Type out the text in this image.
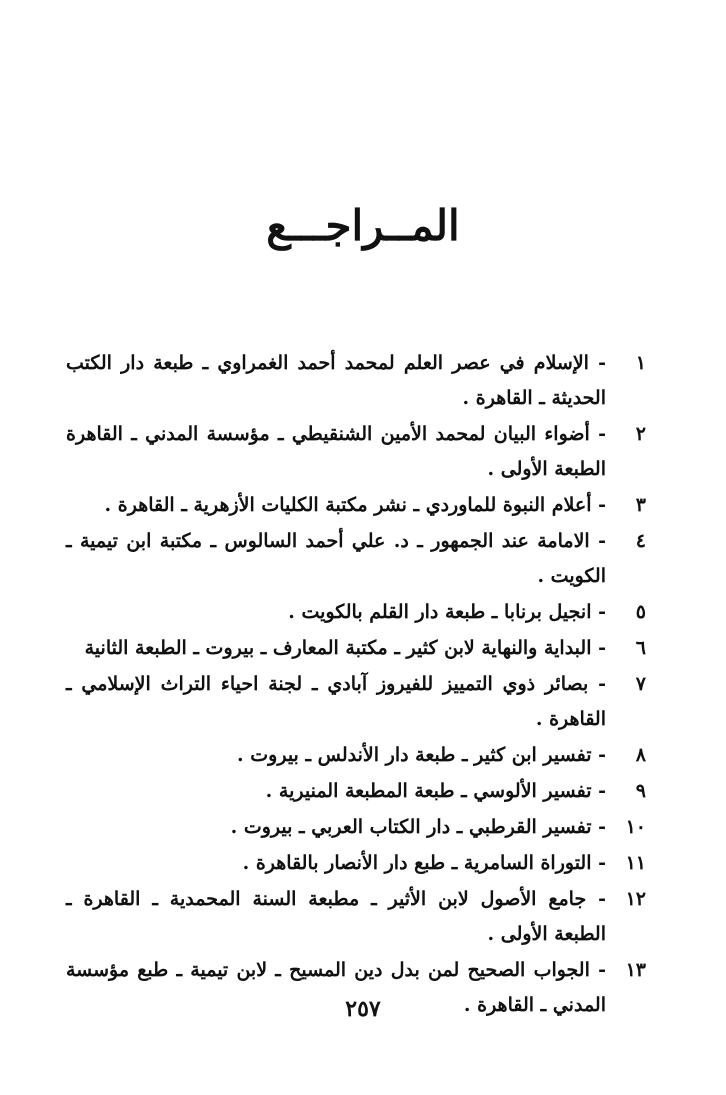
المــراجـــع
١
- الإسلام في عصر العلم لمحمد أحمد الغمراوي ـ طبعة دار الكتب الحديثة ـ القاهرة .
٢
- أضواء البيان لمحمد الأمين الشنقيطي ـ مؤسسة المدني ـ القاهرة الطبعة الأولى .
٣
- أعلام النبوة للماوردي ـ نشر مكتبة الكليات الأزهرية ـ القاهرة .
٤
- الامامة عند الجمهور ـ د. علي أحمد السالوس ـ مكتبة ابن تيمية ـ الكويت .
٥
- انجيل برنابا ـ طبعة دار القلم بالكويت .
٦
- البداية والنهاية لابن كثير ـ مكتبة المعارف ـ بيروت ـ الطبعة الثانية
٧
- بصائر ذوي التمييز للفيروز آبادي ـ لجنة احياء التراث الإسلامي ـ القاهرة .
٨
- تفسير ابن كثير ـ طبعة دار الأندلس ـ بيروت .
٩
- تفسير الألوسي ـ طبعة المطبعة المنيرية .
١٠
- تفسير القرطبي ـ دار الكتاب العربي ـ بيروت .
١١
- التوراة السامرية ـ طبع دار الأنصار بالقاهرة .
١٢
- جامع الأصول لابن الأثير ـ مطبعة السنة المحمدية ـ القاهرة ـ الطبعة الأولى .
١٣
- الجواب الصحيح لمن بدل دين المسيح ـ لابن تيمية ـ طبع مؤسسة المدني ـ القاهرة .
٢٥٧
